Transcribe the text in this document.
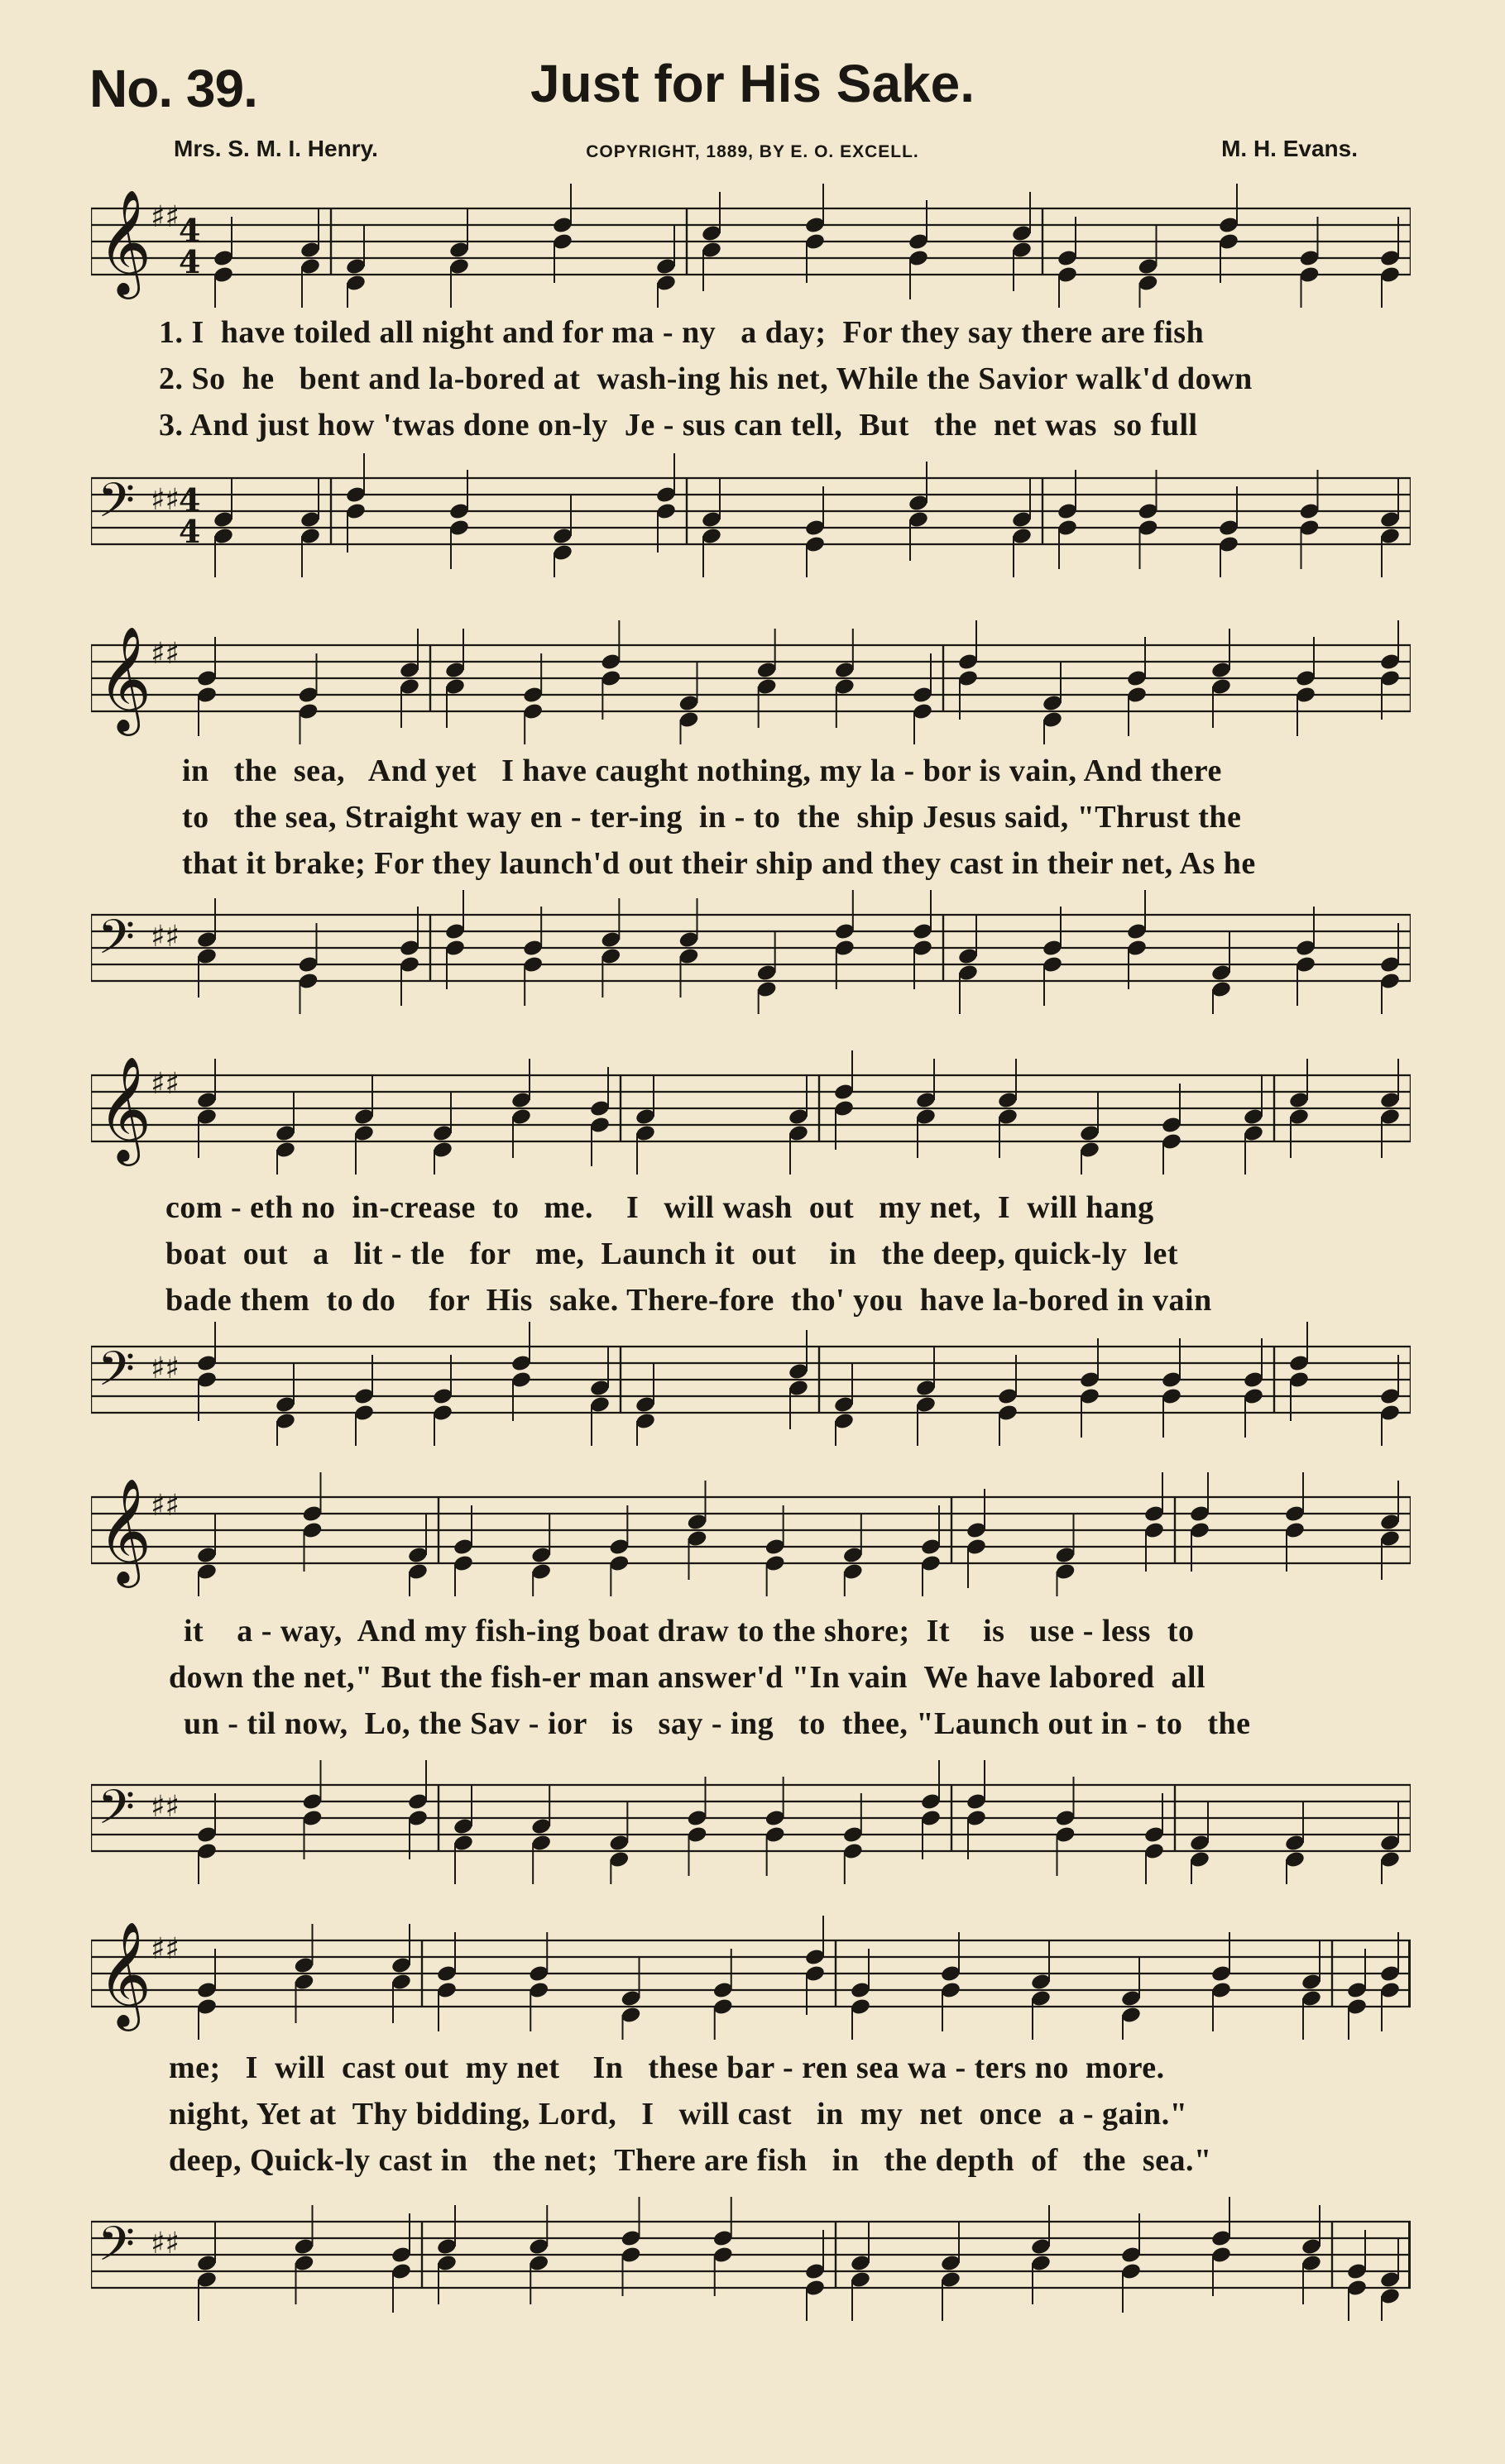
No. 39.	Just for His Sake.
Mrs. S. M. I. Henry.	COPYRIGHT, 1889, BY E. O. EXCELL.	M. H. Evans.
𝄞
♯♯ 4
4
1. I  have toiled all night and for ma - ny   a day;  For they say there are fish
2. So  he   bent and la-bored at  wash-ing his net, While the Savior walk'd down
3. And just how 'twas done on-ly  Je - sus can tell,  But   the  net was  so full
𝄢 ♯♯ 4
4
𝄞
♯♯
in   the  sea,   And yet   I have caught nothing, my la - bor is vain, And there
to   the sea, Straight way en - ter-ing  in - to  the  ship Jesus said, "Thrust the
that it brake; For they launch'd out their ship and they cast in their net, As he
𝄢 ♯♯
𝄞
♯♯
com - eth no  in-crease  to   me.    I   will wash  out   my net,  I  will hang
boat  out   a   lit - tle   for   me,  Launch it  out    in   the deep, quick-ly  let
bade them  to do    for  His  sake. There-fore  tho' you  have la-bored in vain
𝄢 ♯♯
𝄞
♯♯
it    a - way,  And my fish-ing boat draw to the shore;  It    is   use - less  to
down the net," But the fish-er man answer'd "In vain  We have labored  all
un - til now,  Lo, the Sav - ior   is   say - ing   to  thee, "Launch out in - to   the
𝄢 ♯♯
𝄞
♯♯
me;   I  will  cast out  my net    In   these bar - ren sea wa - ters no  more.
night, Yet at  Thy bidding, Lord,   I   will cast   in  my  net  once  a - gain."
deep, Quick-ly cast in   the net;  There are fish   in   the depth  of   the  sea."
𝄢 ♯♯
